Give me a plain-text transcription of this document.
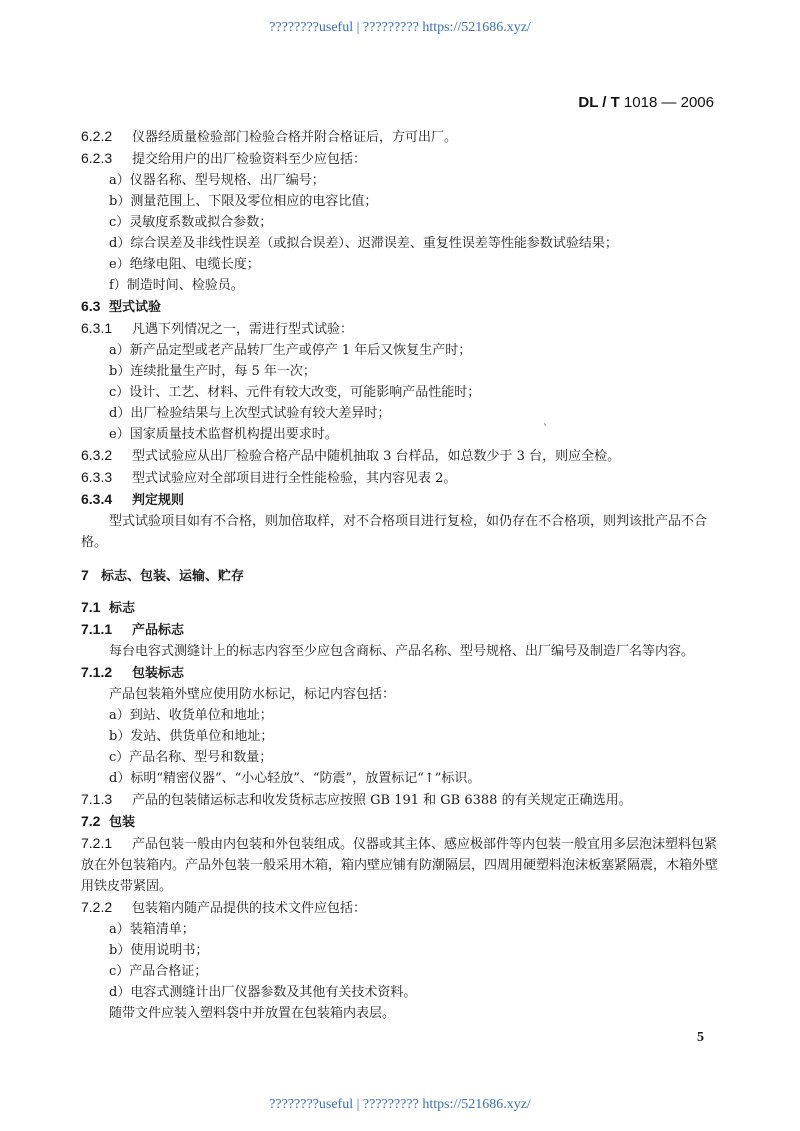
????????useful | ????????? https://521686.xyz/
DL / T 1018 — 2006
ˋ
6.2.2 仪器经质量检验部门检验合格并附合格证后，方可出厂。
6.2.3 提交给用户的出厂检验资料至少应包括：
a）仪器名称、型号规格、出厂编号；
b）测量范围上、下限及零位相应的电容比值；
c）灵敏度系数或拟合参数；
d）综合误差及非线性误差（或拟合误差）、迟滞误差、重复性误差等性能参数试验结果；
e）绝缘电阻、电缆长度；
f）制造时间、检验员。
6.3 型式试验
6.3.1 凡遇下列情况之一，需进行型式试验：
a）新产品定型或老产品转厂生产或停产 1 年后又恢复生产时；
b）连续批量生产时，每 5 年一次；
c）设计、工艺、材料、元件有较大改变，可能影响产品性能时；
d）出厂检验结果与上次型式试验有较大差异时；
e）国家质量技术监督机构提出要求时。
6.3.2 型式试验应从出厂检验合格产品中随机抽取 3 台样品，如总数少于 3 台，则应全检。
6.3.3 型式试验应对全部项目进行全性能检验，其内容见表 2。
6.3.4 判定规则
型式试验项目如有不合格，则加倍取样，对不合格项目进行复检，如仍存在不合格项，则判该批产品不合格。
7 标志、包装、运输、贮存
7.1 标志
7.1.1 产品标志
每台电容式测缝计上的标志内容至少应包含商标、产品名称、型号规格、出厂编号及制造厂名等内容。
7.1.2 包装标志
产品包装箱外壁应使用防水标记，标记内容包括：
a）到站、收货单位和地址；
b）发站、供货单位和地址；
c）产品名称、型号和数量；
d）标明“精密仪器”、“小心轻放”、“防震”，放置标记“↑”标识。
7.1.3 产品的包装储运标志和收发货标志应按照 GB 191 和 GB 6388 的有关规定正确选用。
7.2 包装
7.2.1 产品包装一般由内包装和外包装组成。仪器或其主体、感应极部件等内包装一般宜用多层泡沫塑料包紧放在外包装箱内。产品外包装一般采用木箱，箱内壁应铺有防潮隔层，四周用硬塑料泡沫板塞紧隔震，木箱外壁用铁皮带紧固。
7.2.2 包装箱内随产品提供的技术文件应包括：
a）装箱清单；
b）使用说明书；
c）产品合格证；
d）电容式测缝计出厂仪器参数及其他有关技术资料。
随带文件应装入塑料袋中并放置在包装箱内表层。
5
????????useful | ????????? https://521686.xyz/
